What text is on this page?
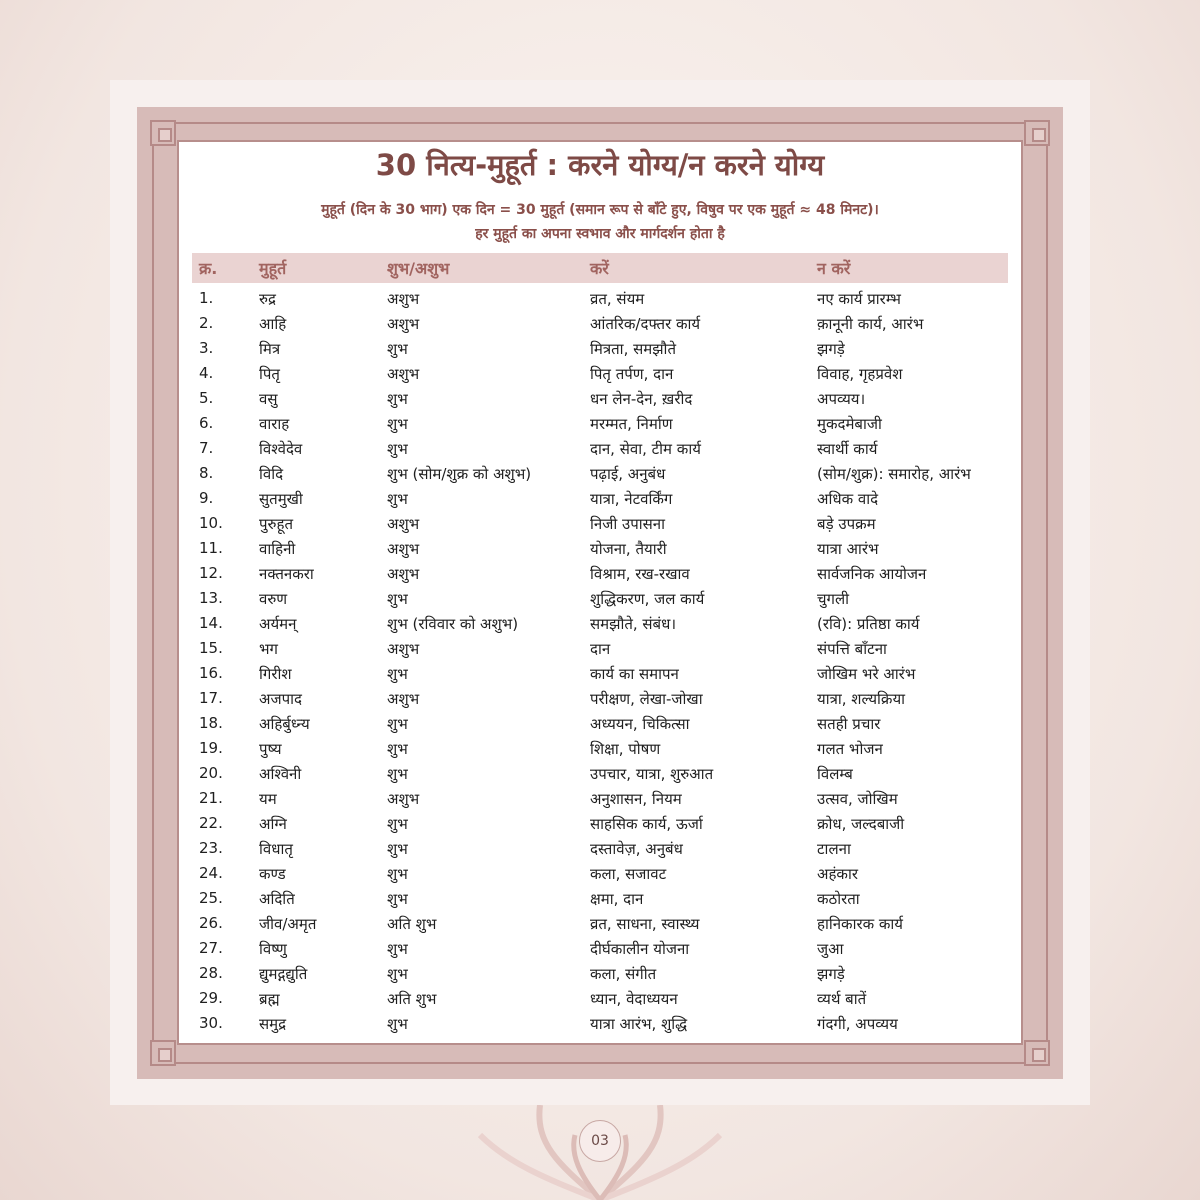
30 नित्य-मुहूर्त : करने योग्य/न करने योग्य

मुहूर्त (दिन के 30 भाग) एक दिन = 30 मुहूर्त (समान रूप से बाँटे हुए, विषुव पर एक मुहूर्त ≈ 48 मिनट)।

हर मुहूर्त का अपना स्वभाव और मार्गदर्शन होता है

क्र.	मुहूर्त	शुभ/अशुभ	करें	न करें
1.	रुद्र	अशुभ	व्रत, संयम	नए कार्य प्रारम्भ
2.	आहि	अशुभ	आंतरिक/दफ्तर कार्य	क़ानूनी कार्य, आरंभ
3.	मित्र	शुभ	मित्रता, समझौते	झगड़े
4.	पितृ	अशुभ	पितृ तर्पण, दान	विवाह, गृहप्रवेश
5.	वसु	शुभ	धन लेन-देन, ख़रीद	अपव्यय।
6.	वाराह	शुभ	मरम्मत, निर्माण	मुकदमेबाजी
7.	विश्वेदेव	शुभ	दान, सेवा, टीम कार्य	स्वार्थी कार्य
8.	विदि	शुभ (सोम/शुक्र को अशुभ)	पढ़ाई, अनुबंध	(सोम/शुक्र): समारोह, आरंभ
9.	सुतमुखी	शुभ	यात्रा, नेटवर्किंग	अधिक वादे
10. पुरुहूत	अशुभ	निजी उपासना	बड़े उपक्रम
11. वाहिनी	अशुभ	योजना, तैयारी	यात्रा आरंभ
12. नक्तनकरा	अशुभ	विश्राम, रख-रखाव	सार्वजनिक आयोजन
13. वरुण	शुभ	शुद्धिकरण, जल कार्य	चुगली
14. अर्यमन्	शुभ (रविवार को अशुभ)	समझौते, संबंध।	(रवि): प्रतिष्ठा कार्य
15. भग	अशुभ	दान	संपत्ति बाँटना
16. गिरीश	शुभ	कार्य का समापन	जोखिम भरे आरंभ
17. अजपाद	अशुभ	परीक्षण, लेखा-जोखा	यात्रा, शल्यक्रिया
18. अहिर्बुध्न्य	शुभ	अध्ययन, चिकित्सा	सतही प्रचार
19. पुष्य	शुभ	शिक्षा, पोषण	गलत भोजन
20. अश्विनी	शुभ	उपचार, यात्रा, शुरुआत	विलम्ब
21. यम	अशुभ	अनुशासन, नियम	उत्सव, जोखिम
22. अग्नि	शुभ	साहसिक कार्य, ऊर्जा	क्रोध, जल्दबाजी
23. विधातृ	शुभ	दस्तावेज़, अनुबंध	टालना
24. कण्ड	शुभ	कला, सजावट	अहंकार
25. अदिति	शुभ	क्षमा, दान	कठोरता
26. जीव/अमृत	अति शुभ	व्रत, साधना, स्वास्थ्य	हानिकारक कार्य
27. विष्णु	शुभ	दीर्घकालीन योजना	जुआ
28. द्युमद्गद्युति	शुभ	कला, संगीत	झगड़े
29. ब्रह्म	अति शुभ	ध्यान, वेदाध्ययन	व्यर्थ बातें
30. समुद्र	शुभ	यात्रा आरंभ, शुद्धि	गंदगी, अपव्यय
03
